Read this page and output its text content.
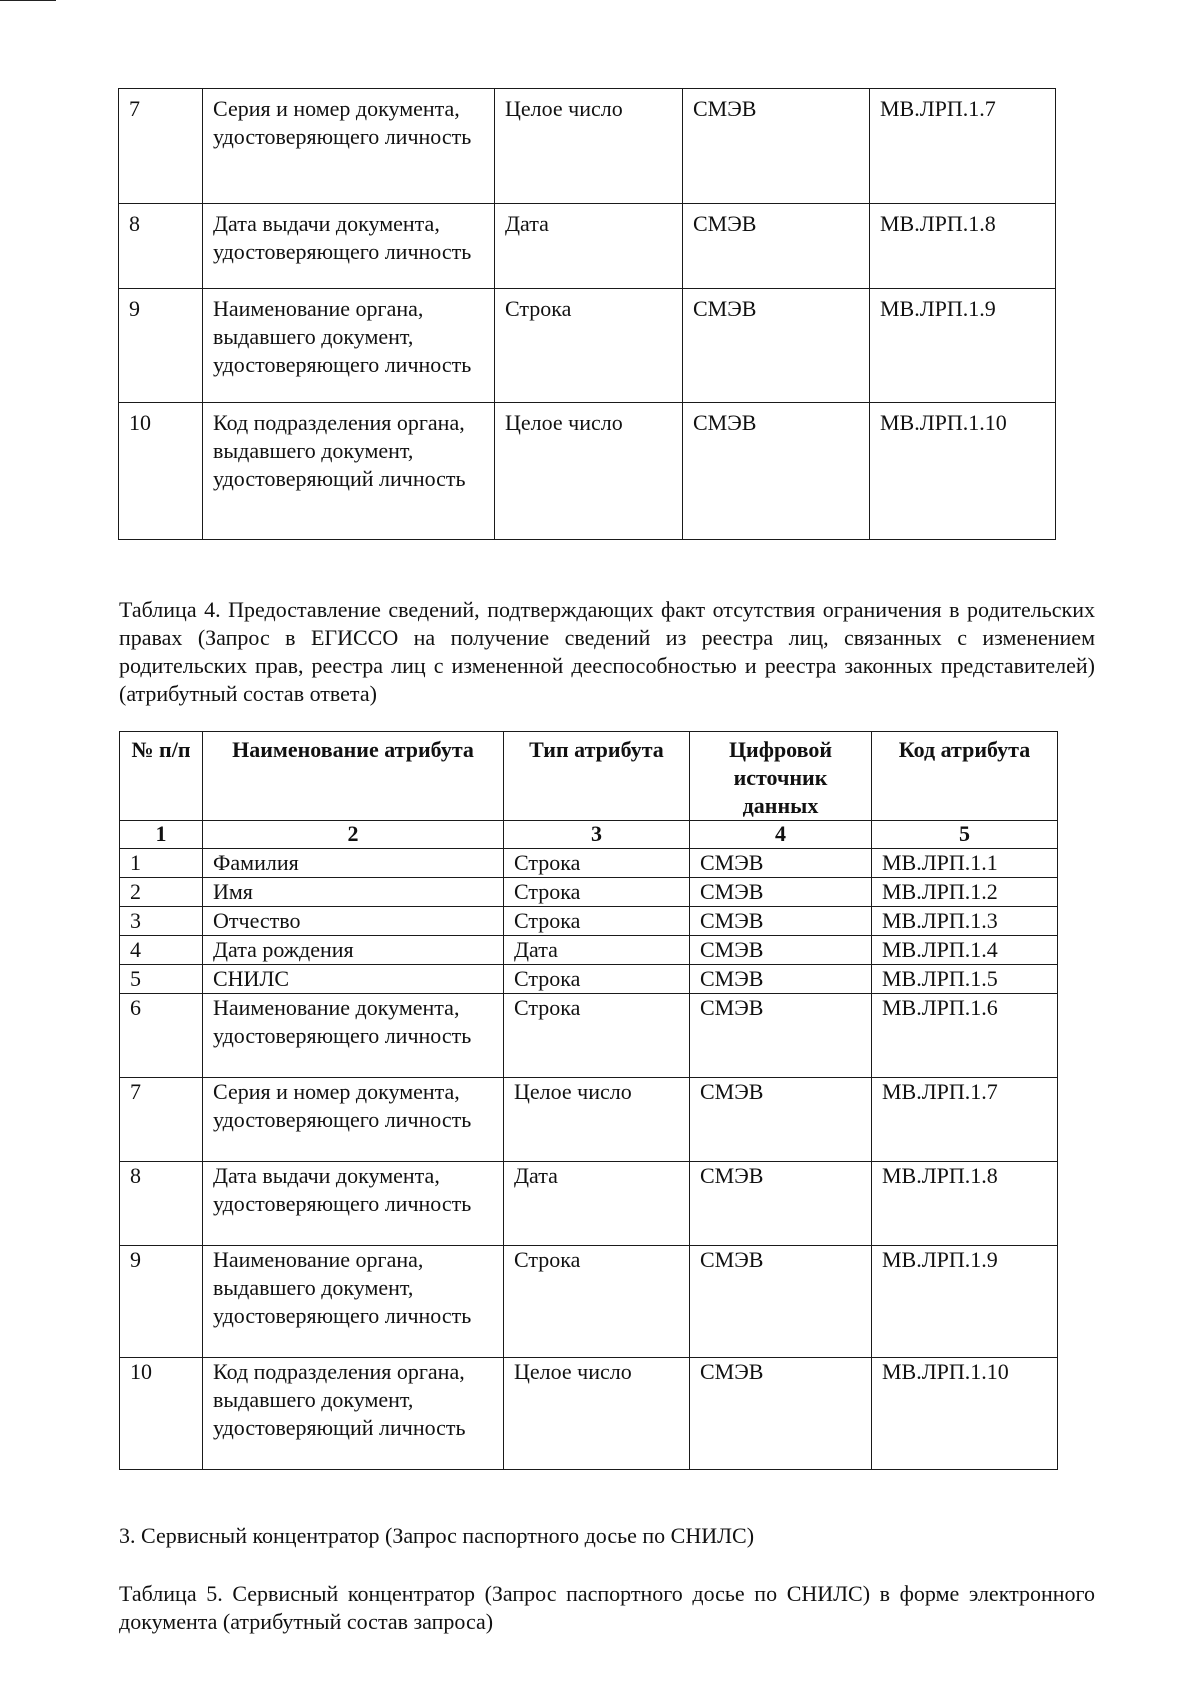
7	Серия и номер документа, удостоверяющего личность	Целое число	СМЭВ	МВ.ЛРП.1.7
8	Дата выдачи документа, удостоверяющего личность	Дата	СМЭВ	МВ.ЛРП.1.8
9	Наименование органа, выдавшего документ, удостоверяющего личность	Строка	СМЭВ	МВ.ЛРП.1.9
10	Код подразделения органа, выдавшего документ, удостоверяющий личность	Целое число	СМЭВ	МВ.ЛРП.1.10
Таблица 4. Предоставление сведений, подтверждающих факт отсутствия ограничения в родительских правах (Запрос в ЕГИССО на получение сведений из реестра лиц, связанных с изменением родительских прав, реестра лиц с измененной дееспособностью и реестра законных представителей) (атрибутный состав ответа)
№ п/п	Наименование атрибута	Тип атрибута	Цифровой источник данных	Код атрибута
1	2	3	4	5
1	Фамилия	Строка	СМЭВ	МВ.ЛРП.1.1
2	Имя	Строка	СМЭВ	МВ.ЛРП.1.2
3	Отчество	Строка	СМЭВ	МВ.ЛРП.1.3
4	Дата рождения	Дата	СМЭВ	МВ.ЛРП.1.4
5	СНИЛС	Строка	СМЭВ	МВ.ЛРП.1.5
6	Наименование документа, удостоверяющего личность	Строка	СМЭВ	МВ.ЛРП.1.6
7	Серия и номер документа, удостоверяющего личность	Целое число	СМЭВ	МВ.ЛРП.1.7
8	Дата выдачи документа, удостоверяющего личность	Дата	СМЭВ	МВ.ЛРП.1.8
9	Наименование органа, выдавшего документ, удостоверяющего личность	Строка	СМЭВ	МВ.ЛРП.1.9
10	Код подразделения органа, выдавшего документ, удостоверяющий личность	Целое число	СМЭВ	МВ.ЛРП.1.10
3. Сервисный концентратор (Запрос паспортного досье по СНИЛС)
Таблица 5. Сервисный концентратор (Запрос паспортного досье по СНИЛС) в форме электронного документа (атрибутный состав запроса)
